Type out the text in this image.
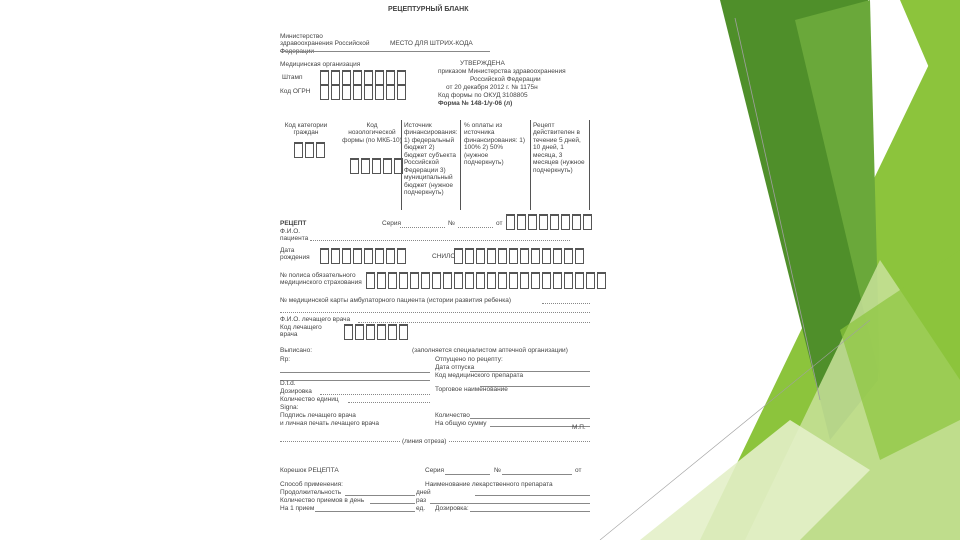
РЕЦЕПТУРНЫЙ БЛАНК
Министерство здравоохранения Российской Федерации
МЕСТО ДЛЯ ШТРИХ-КОДА
Медицинская организация
Штамп
Код ОГРН
УТВЕРЖДЕНА
приказом Министерства здравоохранения
Российской Федерации
от 20 декабря 2012 г. № 1175н
Код формы по ОКУД 3108805
Форма № 148-1/у-06 (л)
Код категории граждан
Код нозологической формы (по МКБ-10)
Источник финансирования: 1) федеральный бюджет 2) бюджет субъекта Российской Федерации 3) муниципальный бюджет (нужное подчеркнуть)
% оплаты из источника финансирования: 1) 100% 2) 50% (нужное подчеркнуть)
Рецепт действителен в течение 5 дней, 10 дней, 1 месяца, 3 месяцев (нужное подчеркнуть)
РЕЦЕПТ
Ф.И.О. пациента
Серия	№	от
Дата рождения	СНИЛС
№ полиса обязательного медицинского страхования
№ медицинской карты амбулаторного пациента (истории развития ребенка)
Ф.И.О. лечащего врача
Код лечащего врача
Выписано:	(заполняется специалистом аптечной организации)
Rp:	Отпущено по рецепту:
Дата отпуска
Код медицинского препарата
D.t.d.
Торговое наименование
Дозировка
Количество единиц
Signa:
Подпись лечащего врача
и личная печать лечащего врача
Количество
На общую сумму
М.П.
(линия отреза)
Корешок РЕЦЕПТА	Серия	№	от
Способ применения:	Наименование лекарственного препарата
Продолжительность	дней
Количество приемов в день	раз
На 1 прием	ед. Дозировка:
